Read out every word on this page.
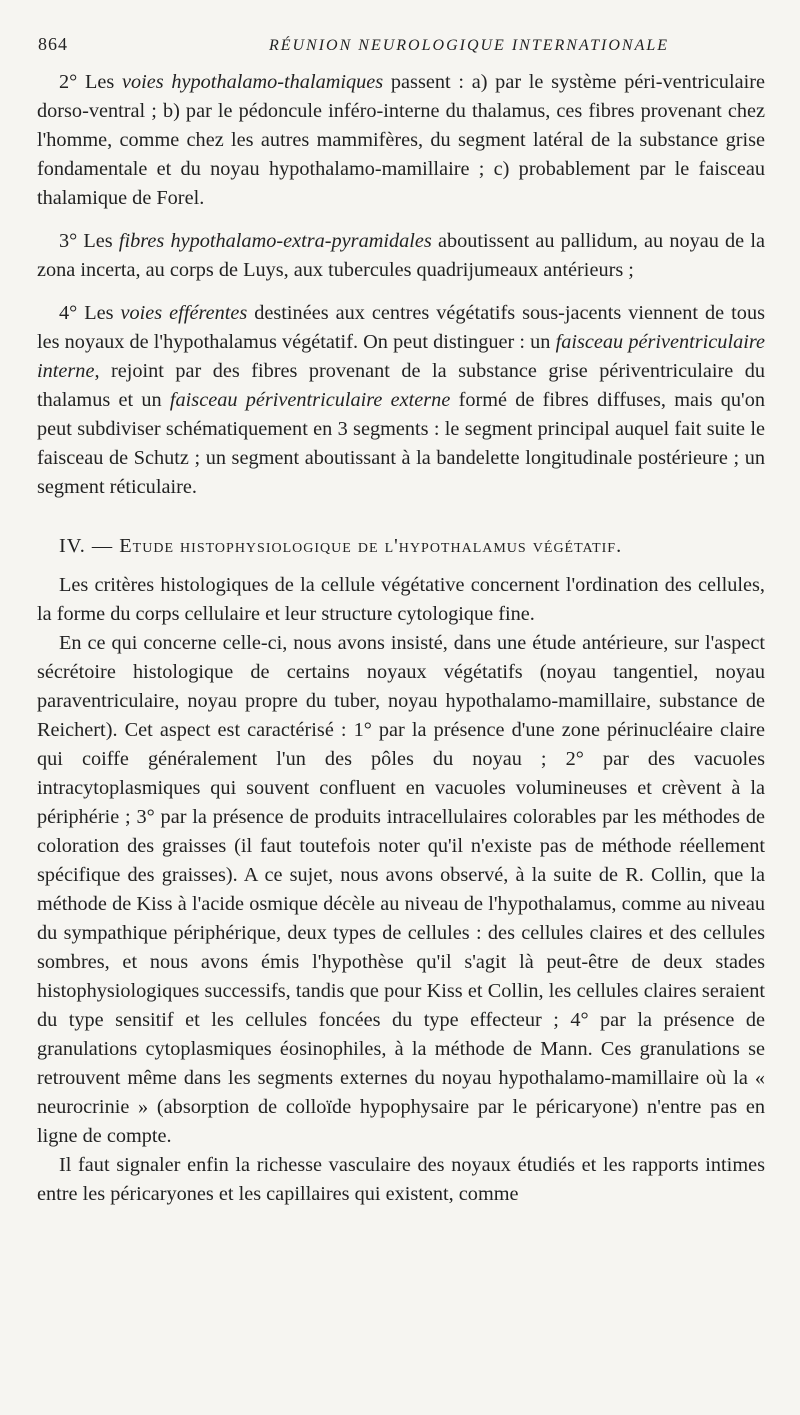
864	RÉUNION NEUROLOGIQUE INTERNATIONALE

2° Les voies hypothalamo-thalamiques passent : a) par le système péri-ventriculaire dorso-ventral ; b) par le pédoncule inféro-interne du thalamus, ces fibres provenant chez l'homme, comme chez les autres mammifères, du segment latéral de la substance grise fondamentale et du noyau hypothalamo-mamillaire ; c) probablement par le faisceau thalamique de Forel.

3° Les fibres hypothalamo-extra-pyramidales aboutissent au pallidum, au noyau de la zona incerta, au corps de Luys, aux tubercules quadrijumeaux antérieurs ;

4° Les voies efférentes destinées aux centres végétatifs sous-jacents viennent de tous les noyaux de l'hypothalamus végétatif. On peut distinguer : un faisceau périventriculaire interne, rejoint par des fibres provenant de la substance grise périventriculaire du thalamus et un faisceau périventriculaire externe formé de fibres diffuses, mais qu'on peut subdiviser schématiquement en 3 segments : le segment principal auquel fait suite le faisceau de Schutz ; un segment aboutissant à la bandelette longitudinale postérieure ; un segment réticulaire.

IV. — Etude histophysiologique de l'hypothalamus végétatif.

Les critères histologiques de la cellule végétative concernent l'ordination des cellules, la forme du corps cellulaire et leur structure cytologique fine.

En ce qui concerne celle-ci, nous avons insisté, dans une étude antérieure, sur l'aspect sécrétoire histologique de certains noyaux végétatifs (noyau tangentiel, noyau paraventriculaire, noyau propre du tuber, noyau hypothalamo-mamillaire, substance de Reichert). Cet aspect est caractérisé : 1° par la présence d'une zone périnucléaire claire qui coiffe généralement l'un des pôles du noyau ; 2° par des vacuoles intracytoplasmiques qui souvent confluent en vacuoles volumineuses et crèvent à la périphérie ; 3° par la présence de produits intracellulaires colorables par les méthodes de coloration des graisses (il faut toutefois noter qu'il n'existe pas de méthode réellement spécifique des graisses). A ce sujet, nous avons observé, à la suite de R. Collin, que la méthode de Kiss à l'acide osmique décèle au niveau de l'hypothalamus, comme au niveau du sympathique périphérique, deux types de cellules : des cellules claires et des cellules sombres, et nous avons émis l'hypothèse qu'il s'agit là peut-être de deux stades histophysiologiques successifs, tandis que pour Kiss et Collin, les cellules claires seraient du type sensitif et les cellules foncées du type effecteur ; 4° par la présence de granulations cytoplasmiques éosinophiles, à la méthode de Mann. Ces granulations se retrouvent même dans les segments externes du noyau hypothalamo-mamillaire où la « neurocrinie » (absorption de colloïde hypophysaire par le péricaryone) n'entre pas en ligne de compte.

Il faut signaler enfin la richesse vasculaire des noyaux étudiés et les rapports intimes entre les péricaryones et les capillaires qui existent, comme
